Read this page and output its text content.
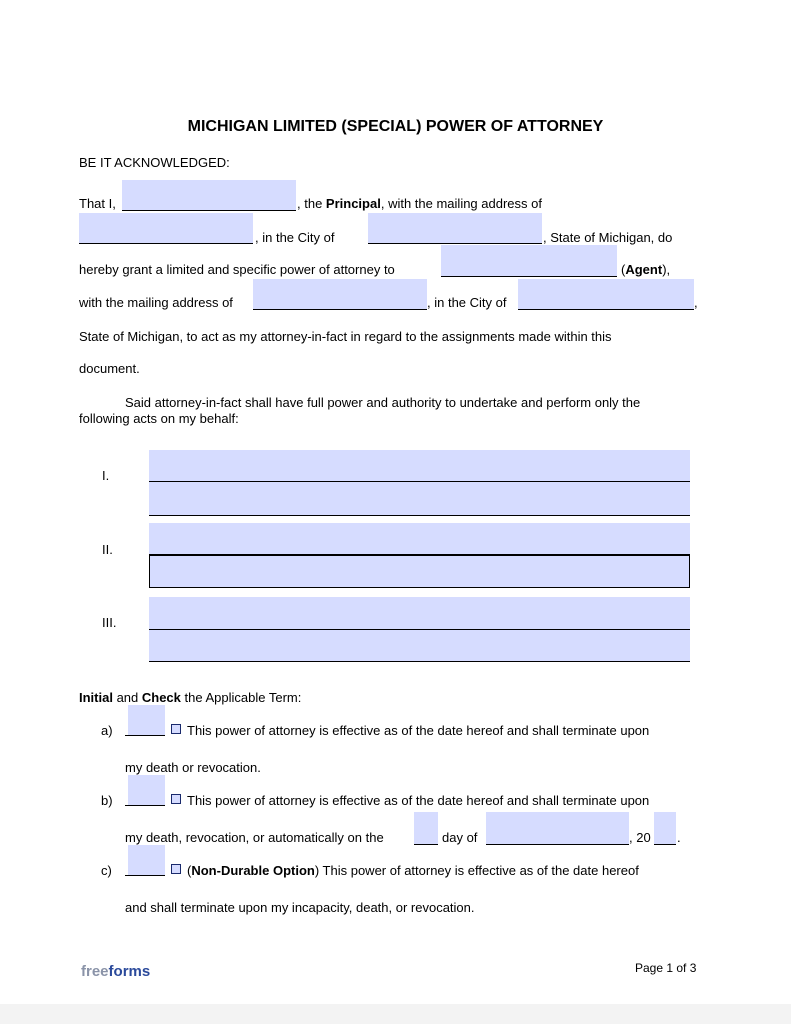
MICHIGAN LIMITED (SPECIAL) POWER OF ATTORNEY
BE IT ACKNOWLEDGED:
That I,	, the Principal, with the mailing address of
, in the City of	, State of Michigan, do
hereby grant a limited and specific power of attorney to	(Agent),
with the mailing address of	, in the City of	,
State of Michigan, to act as my attorney-in-fact in regard to the assignments made within this
document.
Said attorney-in-fact shall have full power and authority to undertake and perform only the
following acts on my behalf:
I.
II.
III.
Initial and Check the Applicable Term:
a)	This power of attorney is effective as of the date hereof and shall terminate upon
my death or revocation.
b)	This power of attorney is effective as of the date hereof and shall terminate upon
my death, revocation, or automatically on the	day of	, 20 .
c)	(Non-Durable Option) This power of attorney is effective as of the date hereof
and shall terminate upon my incapacity, death, or revocation.
freeforms	Page 1 of 3
